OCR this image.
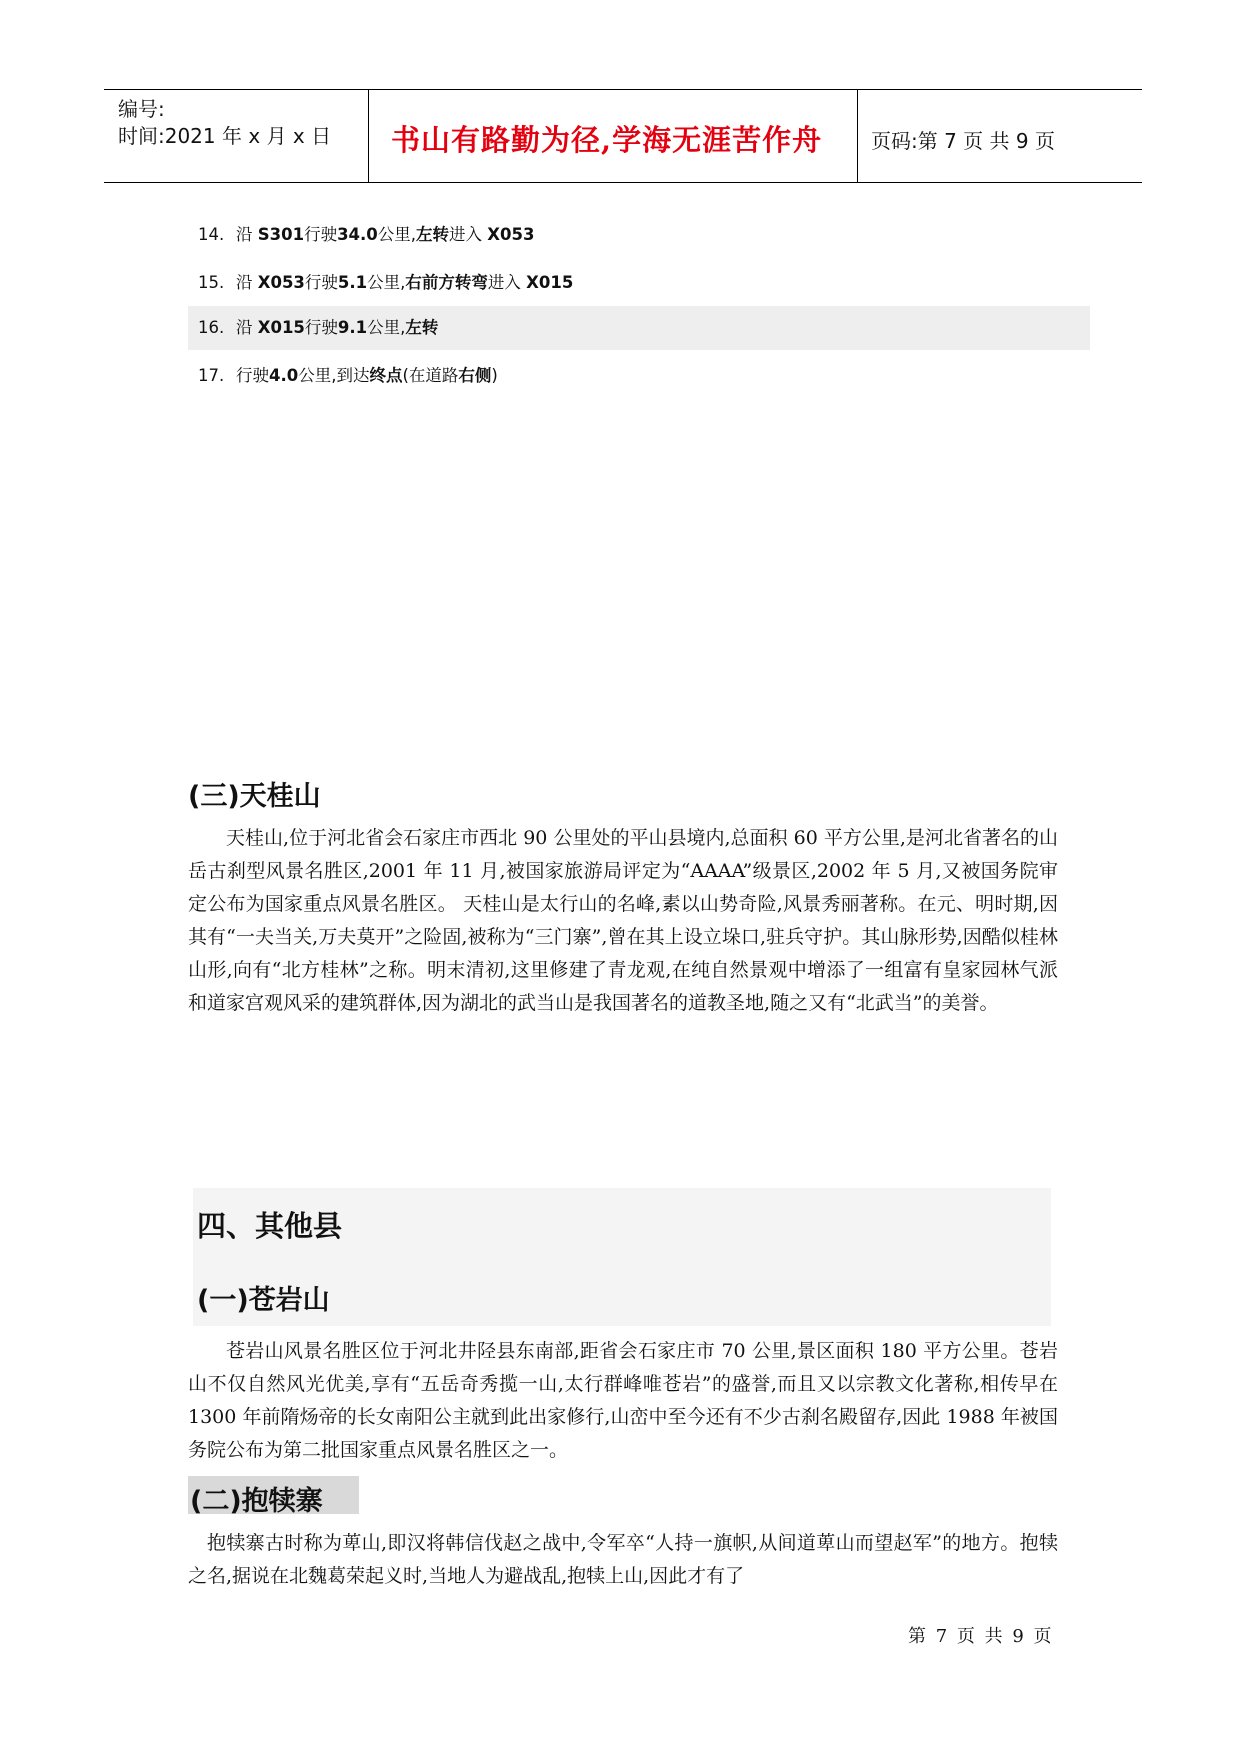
编号:
时间:2021 年 x 月 x 日 书山有路勤为径,学海无涯苦作舟 页码:第 7 页 共 9 页
14. 沿 S301行驶34.0公里,左转进入 X053
15. 沿 X053行驶5.1公里,右前方转弯进入 X015
16. 沿 X015行驶9.1公里,左转
17. 行驶4.0公里,到达终点(在道路右侧)
(三)天桂山

天桂山,位于河北省会石家庄市西北 90 公里处的平山县境内,总面积 60 平方公里,是河北省著名的山岳古刹型风景名胜区,2001 年 11 月,被国家旅游局评定为“AAAA”级景区,2002 年 5 月,又被国务院审定公布为国家重点风景名胜区。 天桂山是太行山的名峰,素以山势奇险,风景秀丽著称。在元、明时期,因其有“一夫当关,万夫莫开”之险固,被称为“三门寨”,曾在其上设立垛口,驻兵守护。其山脉形势,因酷似桂林山形,向有“北方桂林”之称。明末清初,这里修建了青龙观,在纯自然景观中增添了一组富有皇家园林气派和道家宫观风采的建筑群体,因为湖北的武当山是我国著名的道教圣地,随之又有“北武当”的美誉。

四、其他县
(一)苍岩山

苍岩山风景名胜区位于河北井陉县东南部,距省会石家庄市 70 公里,景区面积 180 平方公里。苍岩山不仅自然风光优美,享有“五岳奇秀揽一山,太行群峰唯苍岩”的盛誉,而且又以宗教文化著称,相传早在 1300 年前隋炀帝的长女南阳公主就到此出家修行,山峦中至今还有不少古刹名殿留存,因此 1988 年被国务院公布为第二批国家重点风景名胜区之一。

(二)抱犊寨

抱犊寨古时称为萆山,即汉将韩信伐赵之战中,令军卒“人持一旗帜,从间道萆山而望赵军”的地方。抱犊之名,据说在北魏葛荣起义时,当地人为避战乱,抱犊上山,因此才有了

第 7 页 共 9 页
